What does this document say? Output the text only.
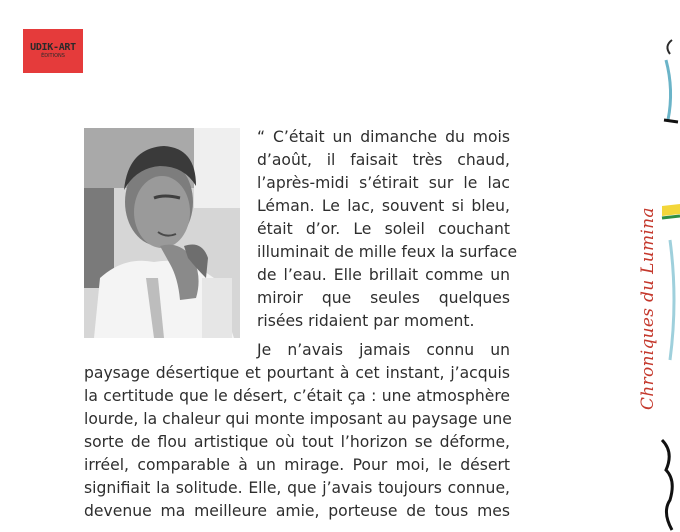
UDIK-ART
ÉDITIONS

“ C’était un dimanche du mois
d’août, il faisait très chaud,
l’après-midi s’étirait sur le lac
Léman. Le lac, souvent si bleu,
était d’or. Le soleil couchant
illuminait de mille feux la surface
de l’eau. Elle brillait comme un
miroir que seules quelques
risées ridaient par moment.

Je n’avais jamais connu un
paysage désertique et pourtant à cet instant, j’acquis
la certitude que le désert, c’était ça : une atmosphère
lourde, la chaleur qui monte imposant au paysage une
sorte de flou artistique où tout l’horizon se déforme,
irréel, comparable à un mirage. Pour moi, le désert
signifiait la solitude. Elle, que j’avais toujours connue,
devenue ma meilleure amie, porteuse de tous mes

Chroniques du Lumina
